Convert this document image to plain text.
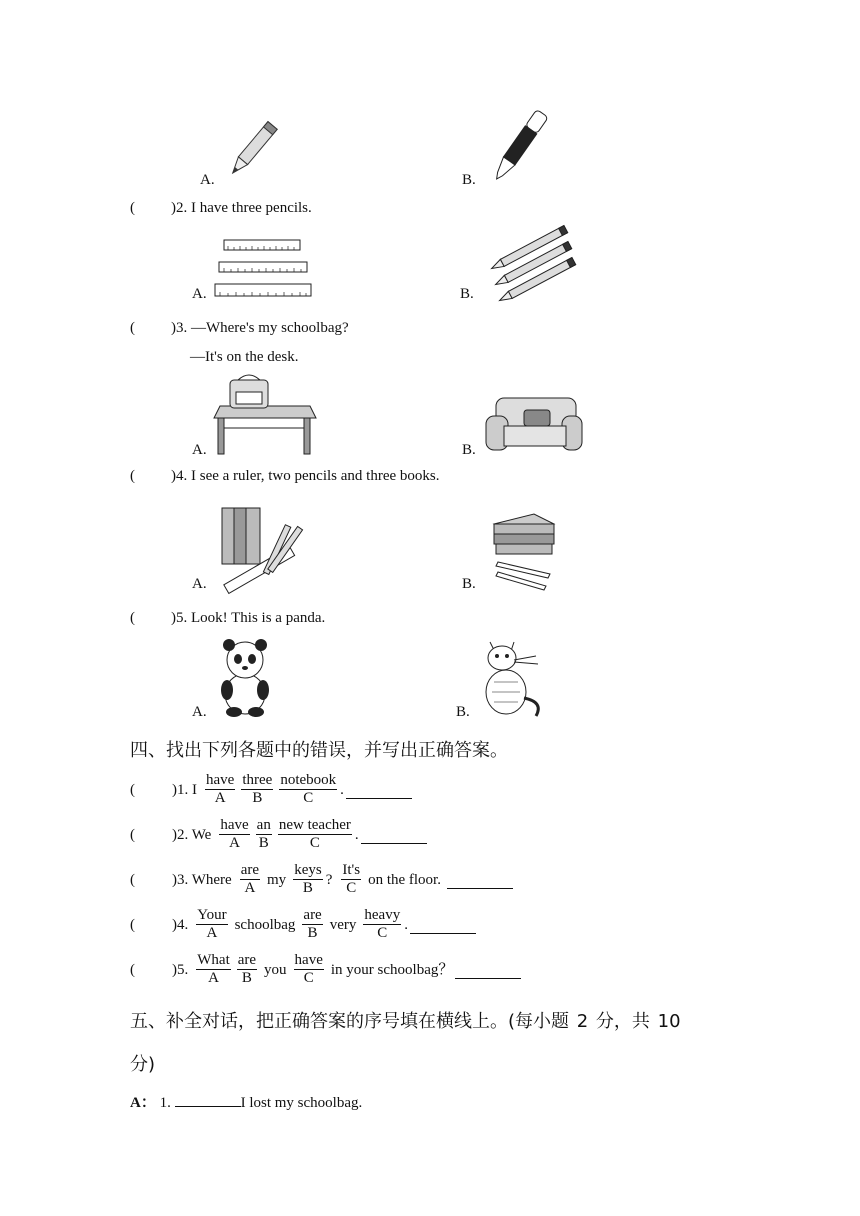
A.	B.
( )2. I have three pencils.
A.	B.
( )3. —Where's my schoolbag?
—It's on the desk.
A.	B.
( )4. I see a ruler, two pencils and three books.
A.	B.
( )5. Look! This is a panda.
A.	B.
四、找出下列各题中的错误，并写出正确答案。
( )1. I
have
A
three
B
notebook
C	.
( )2. We
have
A
an
B
new teacher
C	.
( )3. Where
are
A my
keys
B ?
It's
C on the floor.
( )4.
Your
A	schoolbag
are
B very
heavy
C	.
( )5.
What
A
are
B you
have
C	in your schoolbag？
五、补全对话，把正确答案的序号填在横线上。(每小题 2 分，共 10
分)
A： 1.	I lost my schoolbag.
